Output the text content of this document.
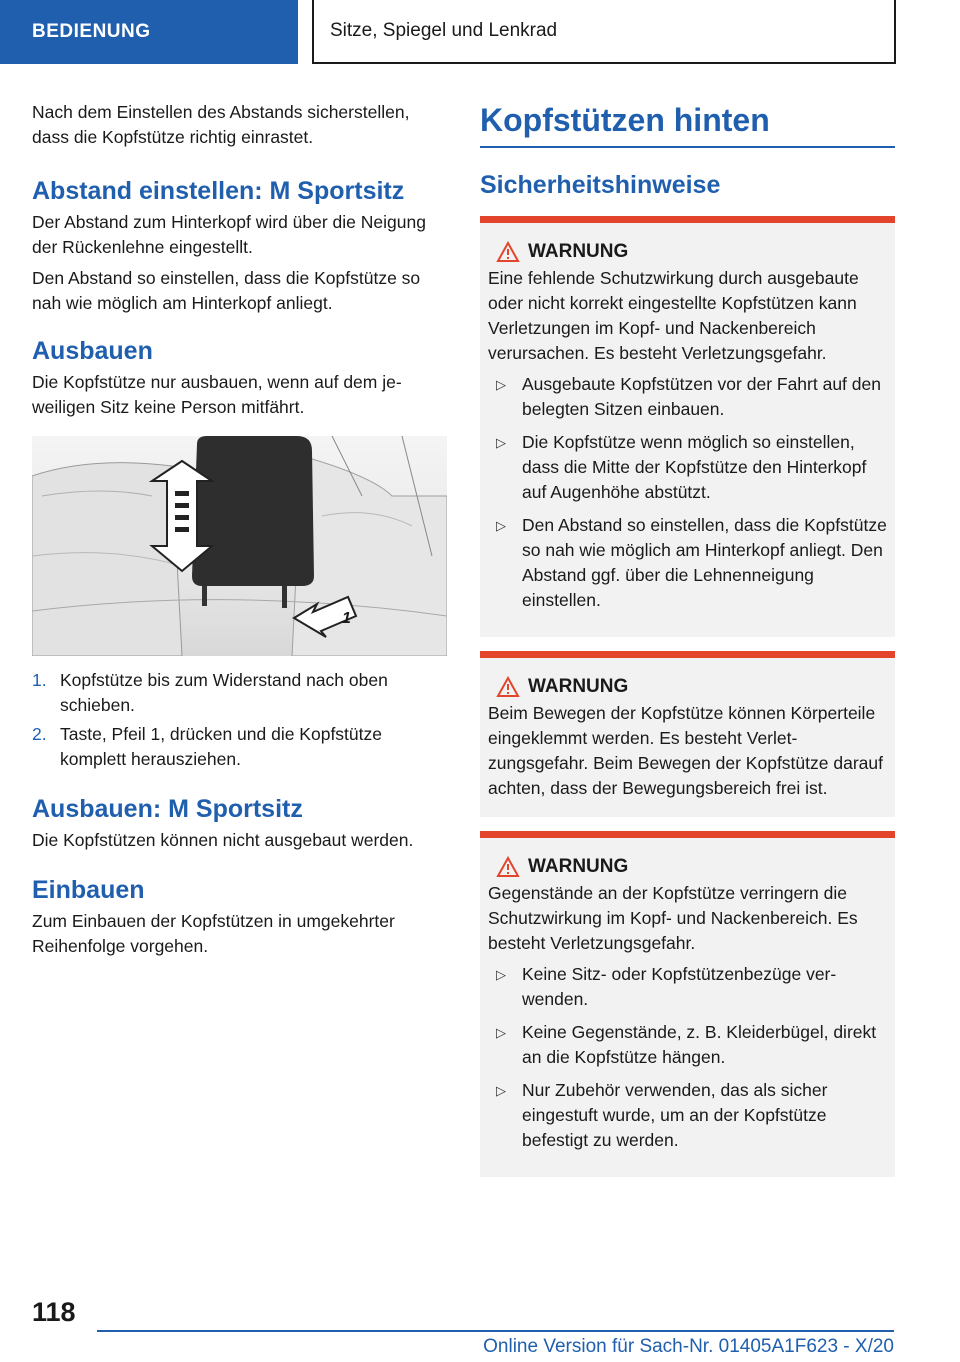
BEDIENUNG	Sitze, Spiegel und Lenkrad

Nach dem Einstellen des Abstands sicherstellen, dass die Kopfstütze richtig einrastet.

Abstand einstellen: M Sportsitz

Der Abstand zum Hinterkopf wird über die Neigung der Rückenlehne eingestellt.

Den Abstand so einstellen, dass die Kopfstütze so nah wie möglich am Hinterkopf anliegt.

Ausbauen

Die Kopfstütze nur ausbauen, wenn auf dem jeweiligen Sitz keine Person mitfährt.

1
1. Kopfstütze bis zum Widerstand nach oben schieben.
2. Taste, Pfeil 1, drücken und die Kopfstütze komplett herausziehen.
Ausbauen: M Sportsitz

Die Kopfstützen können nicht ausgebaut werden.

Einbauen

Zum Einbauen der Kopfstützen in umgekehrter Reihenfolge vorgehen.

Kopfstützen hinten
Sicherheitshinweise
WARNUNG

Eine fehlende Schutzwirkung durch ausgebaute oder nicht korrekt eingestellte Kopfstützen kann Verletzungen im Kopf- und Nackenbereich verursachen. Es besteht Verletzungsgefahr.

▷ Ausgebaute Kopfstützen vor der Fahrt auf den belegten Sitzen einbauen.
▷ Die Kopfstütze wenn möglich so einstellen, dass die Mitte der Kopfstütze den Hinterkopf auf Augenhöhe abstützt.
▷ Den Abstand so einstellen, dass die Kopfstütze so nah wie möglich am Hinterkopf anliegt. Den Abstand ggf. über die Lehnenneigung einstellen.
WARNUNG

Beim Bewegen der Kopfstütze können Körperteile eingeklemmt werden. Es besteht Verletzungsgefahr. Beim Bewegen der Kopfstütze darauf achten, dass der Bewegungsbereich frei ist.

WARNUNG

Gegenstände an der Kopfstütze verringern die Schutzwirkung im Kopf- und Nackenbereich. Es besteht Verletzungsgefahr.

▷ Keine Sitz- oder Kopfstützenbezüge verwenden.
▷ Keine Gegenstände, z. B. Kleiderbügel, direkt an die Kopfstütze hängen.
▷ Nur Zubehör verwenden, das als sicher eingestuft wurde, um an der Kopfstütze befestigt zu werden.
118
Online Version für Sach-Nr. 01405A1F623 - X/20
